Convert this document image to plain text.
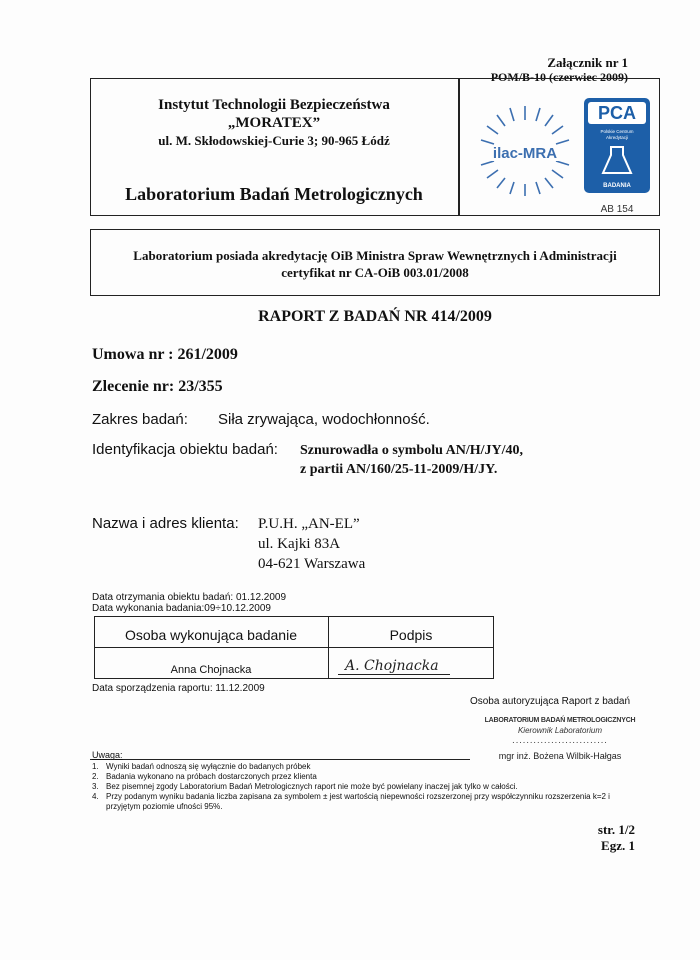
Załącznik nr 1
POM/B-10 (czerwiec 2009)
Instytut Technologii Bezpieczeństwa
„MORATEX”
ul. M. Skłodowskiej-Curie 3; 90-965 Łódź
Laboratorium Badań Metrologicznych
ilac-MRA
PCA
Polskie Centrum
Akredytacji
BADANIA
AB 154
Laboratorium posiada akredytację OiB Ministra Spraw Wewnętrznych i Administracji
certyfikat nr CA-OiB 003.01/2008
RAPORT Z BADAŃ NR 414/2009
Umowa nr : 261/2009
Zlecenie nr: 23/355
Zakres badań: Siła zrywająca, wodochłonność.
Identyfikacja obiektu badań: Sznurowadła o symbolu AN/H/JY/40,
z partii AN/160/25-11-2009/H/JY.
Nazwa i adres klienta: P.U.H. „AN-EL”
ul. Kajki 83A
04-621 Warszawa
Data otrzymania obiektu badań: 01.12.2009
Data wykonania badania:09÷10.12.2009
Osoba wykonująca badanie	Podpis
Anna Chojnacka	A. Chojnacka
Data sporządzenia raportu: 11.12.2009
Osoba autoryzująca Raport z badań
LABORATORIUM BADAŃ METROLOGICZNYCH
Kierownik Laboratorium
...........................
mgr inż. Bożena Wilbik-Hałgas
Uwaga:
1. Wyniki badań odnoszą się wyłącznie do badanych próbek
2. Badania wykonano na próbach dostarczonych przez klienta
3. Bez pisemnej zgody Laboratorium Badań Metrologicznych raport nie może być powielany inaczej jak tylko w całości.
4. Przy podanym wyniku badania liczba zapisana za symbolem ± jest wartością niepewności rozszerzonej przy współczynniku rozszerzenia k=2 i przyjętym poziomie ufności 95%.
str. 1/2
Egz. 1
